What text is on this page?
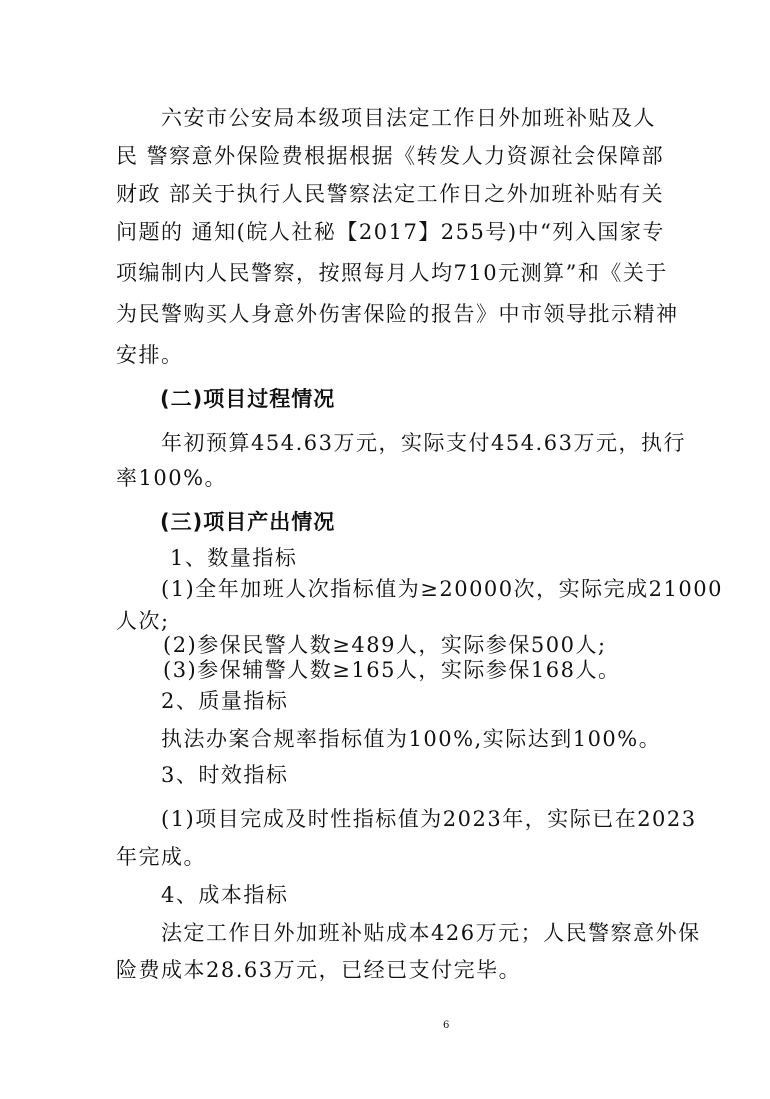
六安市公安局本级项目法定工作日外加班补贴及人
民 警察意外保险费根据根据《转发人力资源社会保障部
财政 部关于执行人民警察法定工作日之外加班补贴有关
问题的 通知(皖人社秘【2017】255号)中“列入国家专
项编制内人民警察，按照每月人均710元测算”和《关于
为民警购买人身意外伤害保险的报告》中市领导批示精神
安排。
(二)项目过程情况
年初预算454.63万元，实际支付454.63万元，执行
率100%。
(三)项目产出情况
1、数量指标
(1)全年加班人次指标值为≥20000次，实际完成21000
人次;
(2)参保民警人数≥489人，实际参保500人;
(3)参保辅警人数≥165人，实际参保168人。
2、质量指标
执法办案合规率指标值为100%,实际达到100%。
3、时效指标
(1)项目完成及时性指标值为2023年，实际已在2023
年完成。
4、成本指标
法定工作日外加班补贴成本426万元；人民警察意外保
险费成本28.63万元，已经已支付完毕。
6
